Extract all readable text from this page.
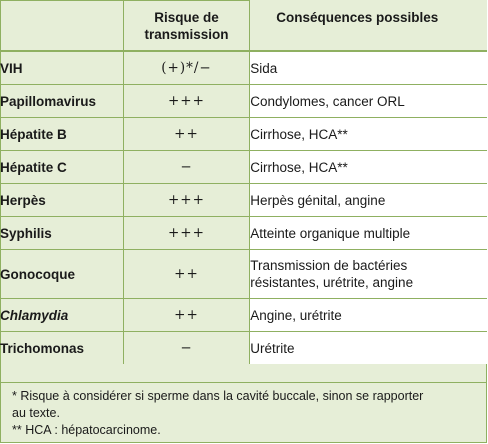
	Risque de
transmission	Conséquences possibles

VIH	(+)*/−	Sida
Papillomavirus	+++	Condylomes, cancer ORL
Hépatite B	++	Cirrhose, HCA**
Hépatite C	−	Cirrhose, HCA**
Herpès	+++	Herpès génital, angine
Syphilis	+++	Atteinte organique multiple
Gonocoque	++	Transmission de bactéries
résistantes, urétrite, angine

Chlamydia	++	Angine, urétrite
Trichomonas	−	Urétrite

* Risque à considérer si sperme dans la cavité buccale, sinon se rapporter

au texte.

** HCA : hépatocarcinome.
